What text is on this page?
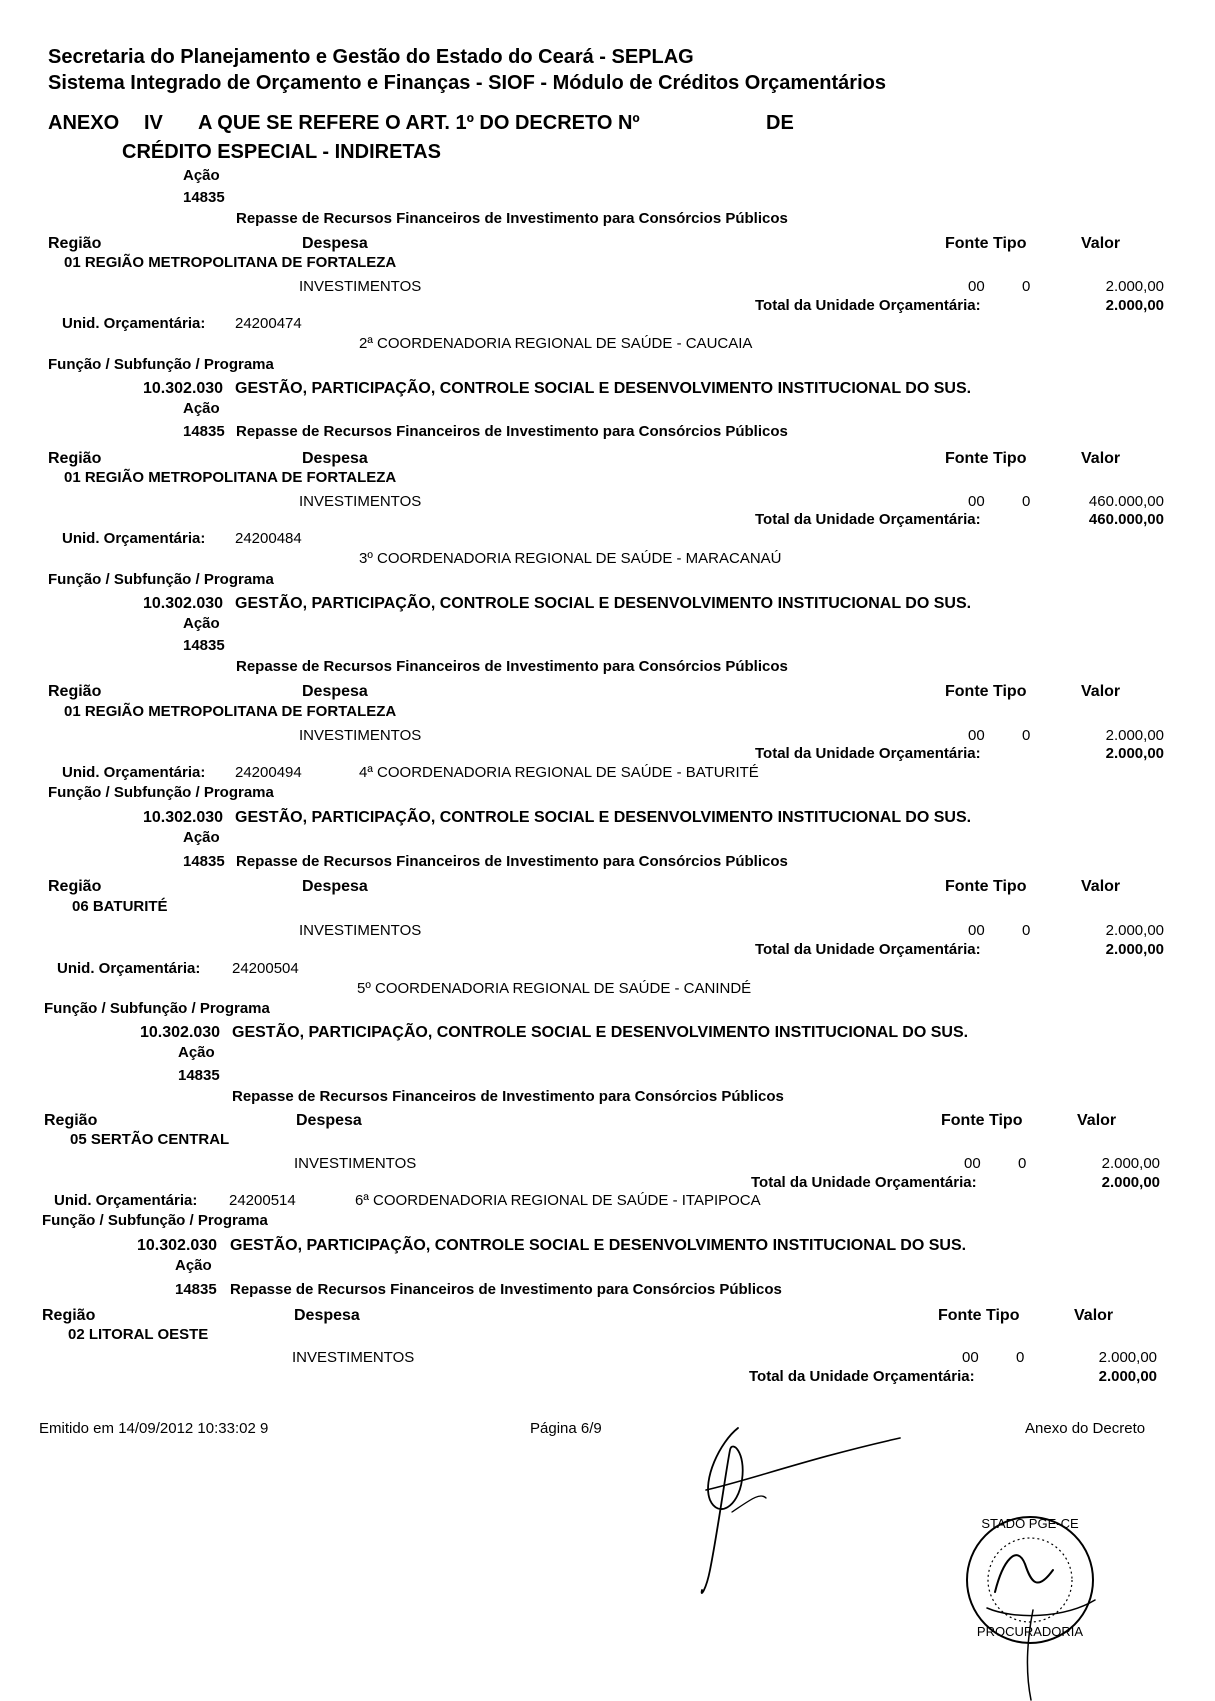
Secretaria do Planejamento e Gestão do Estado do Ceará - SEPLAG
Sistema Integrado de Orçamento e Finanças - SIOF - Módulo de Créditos Orçamentários
ANEXO IV A QUE SE REFERE O ART. 1º DO DECRETO Nº	DE
CRÉDITO ESPECIAL - INDIRETAS
Ação
14835
Repasse de Recursos Financeiros de Investimento para Consórcios Públicos
Região	Despesa	Fonte Tipo	Valor
01 REGIÃO METROPOLITANA DE FORTALEZA
INVESTIMENTOS	00 0	2.000,00
Total da Unidade Orçamentária:	2.000,00
Unid. Orçamentária: 24200474
2ª COORDENADORIA REGIONAL DE SAÚDE - CAUCAIA
Função / Subfunção / Programa
10.302.030 GESTÃO, PARTICIPAÇÃO, CONTROLE SOCIAL E DESENVOLVIMENTO INSTITUCIONAL DO SUS.
Ação
14835 Repasse de Recursos Financeiros de Investimento para Consórcios Públicos
Região	Despesa	Fonte Tipo	Valor
01 REGIÃO METROPOLITANA DE FORTALEZA
INVESTIMENTOS	00 0	460.000,00
Total da Unidade Orçamentária:	460.000,00
Unid. Orçamentária: 24200484
3º COORDENADORIA REGIONAL DE SAÚDE - MARACANAÚ
Função / Subfunção / Programa
10.302.030 GESTÃO, PARTICIPAÇÃO, CONTROLE SOCIAL E DESENVOLVIMENTO INSTITUCIONAL DO SUS.
Ação
14835
Repasse de Recursos Financeiros de Investimento para Consórcios Públicos
Região	Despesa	Fonte Tipo	Valor
01 REGIÃO METROPOLITANA DE FORTALEZA
INVESTIMENTOS	00 0	2.000,00
Total da Unidade Orçamentária:	2.000,00
Unid. Orçamentária: 24200494	4ª COORDENADORIA REGIONAL DE SAÚDE - BATURITÉ
Função / Subfunção / Programa
10.302.030 GESTÃO, PARTICIPAÇÃO, CONTROLE SOCIAL E DESENVOLVIMENTO INSTITUCIONAL DO SUS.
Ação
14835 Repasse de Recursos Financeiros de Investimento para Consórcios Públicos
Região	Despesa	Fonte Tipo	Valor
06 BATURITÉ
INVESTIMENTOS	00 0	2.000,00
Total da Unidade Orçamentária:	2.000,00
Unid. Orçamentária: 24200504
5º COORDENADORIA REGIONAL DE SAÚDE - CANINDÉ
Função / Subfunção / Programa
10.302.030 GESTÃO, PARTICIPAÇÃO, CONTROLE SOCIAL E DESENVOLVIMENTO INSTITUCIONAL DO SUS.
Ação
14835
Repasse de Recursos Financeiros de Investimento para Consórcios Públicos
Região	Despesa	Fonte Tipo	Valor
05 SERTÃO CENTRAL
INVESTIMENTOS	00 0	2.000,00
Total da Unidade Orçamentária:	2.000,00
Unid. Orçamentária: 24200514	6ª COORDENADORIA REGIONAL DE SAÚDE - ITAPIPOCA
Função / Subfunção / Programa
10.302.030 GESTÃO, PARTICIPAÇÃO, CONTROLE SOCIAL E DESENVOLVIMENTO INSTITUCIONAL DO SUS.
Ação
14835 Repasse de Recursos Financeiros de Investimento para Consórcios Públicos
Região	Despesa	Fonte Tipo	Valor
02 LITORAL OESTE
INVESTIMENTOS	00 0	2.000,00
Total da Unidade Orçamentária:	2.000,00
Emitido em 14/09/2012 10:33:02 9	Página 6/9	Anexo do Decreto
STADO PGE-CE
PROCURADORIA
